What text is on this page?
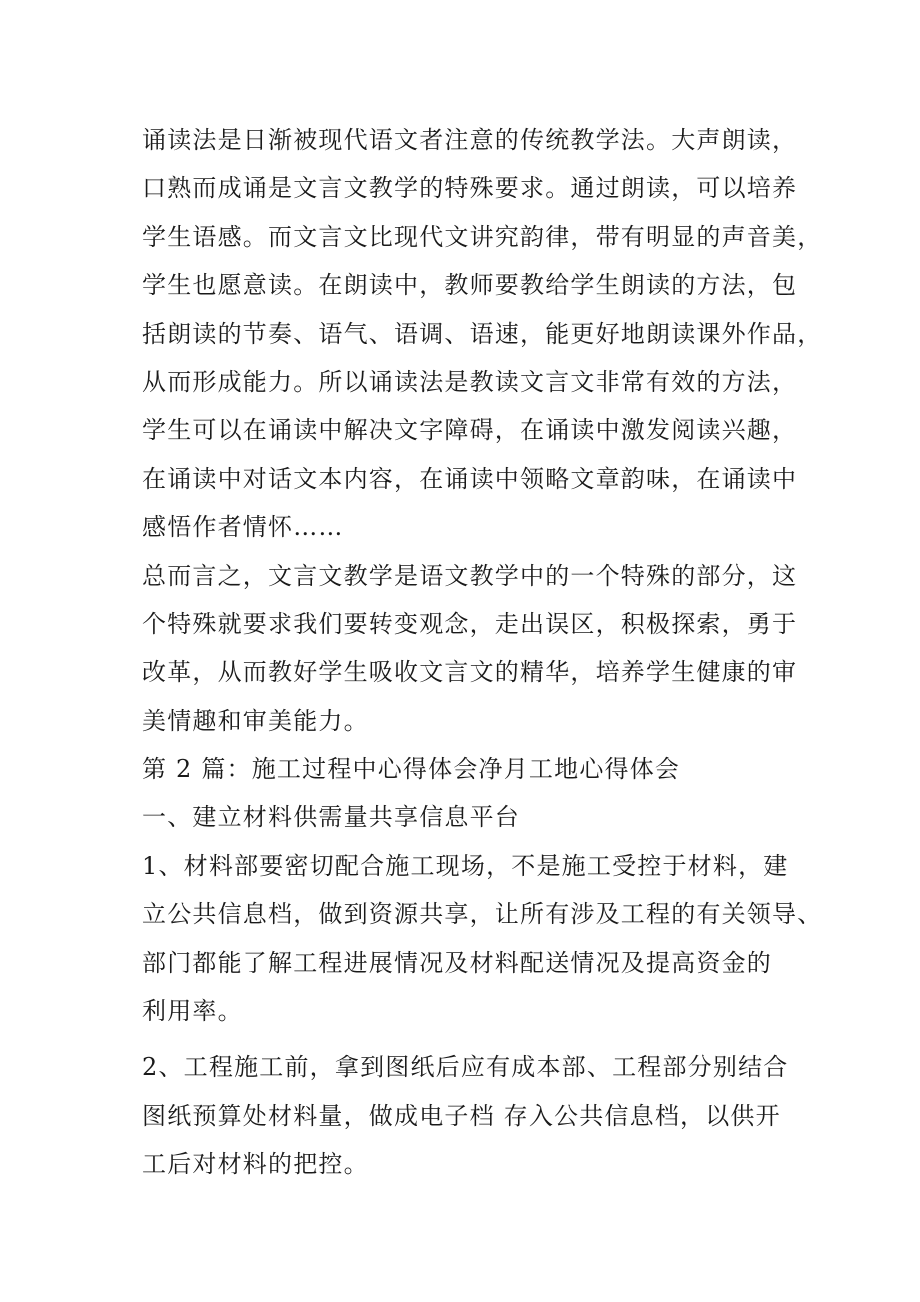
诵读法是日渐被现代语文者注意的传统教学法。大声朗读，
口熟而成诵是文言文教学的特殊要求。通过朗读，可以培养
学生语感。而文言文比现代文讲究韵律，带有明显的声音美，
学生也愿意读。在朗读中，教师要教给学生朗读的方法，包
括朗读的节奏、语气、语调、语速，能更好地朗读课外作品，
从而形成能力。所以诵读法是教读文言文非常有效的方法，
学生可以在诵读中解决文字障碍，在诵读中激发阅读兴趣，
在诵读中对话文本内容，在诵读中领略文章韵味，在诵读中
感悟作者情怀……
总而言之，文言文教学是语文教学中的一个特殊的部分，这
个特殊就要求我们要转变观念，走出误区，积极探索，勇于
改革，从而教好学生吸收文言文的精华，培养学生健康的审
美情趣和审美能力。
第 2 篇：施工过程中心得体会净月工地心得体会
一、建立材料供需量共享信息平台
1、材料部要密切配合施工现场，不是施工受控于材料，建
立公共信息档，做到资源共享，让所有涉及工程的有关领导、
部门都能了解工程进展情况及材料配送情况及提高资金的
利用率。
2、工程施工前，拿到图纸后应有成本部、工程部分别结合
图纸预算处材料量，做成电子档 存入公共信息档，以供开
工后对材料的把控。
